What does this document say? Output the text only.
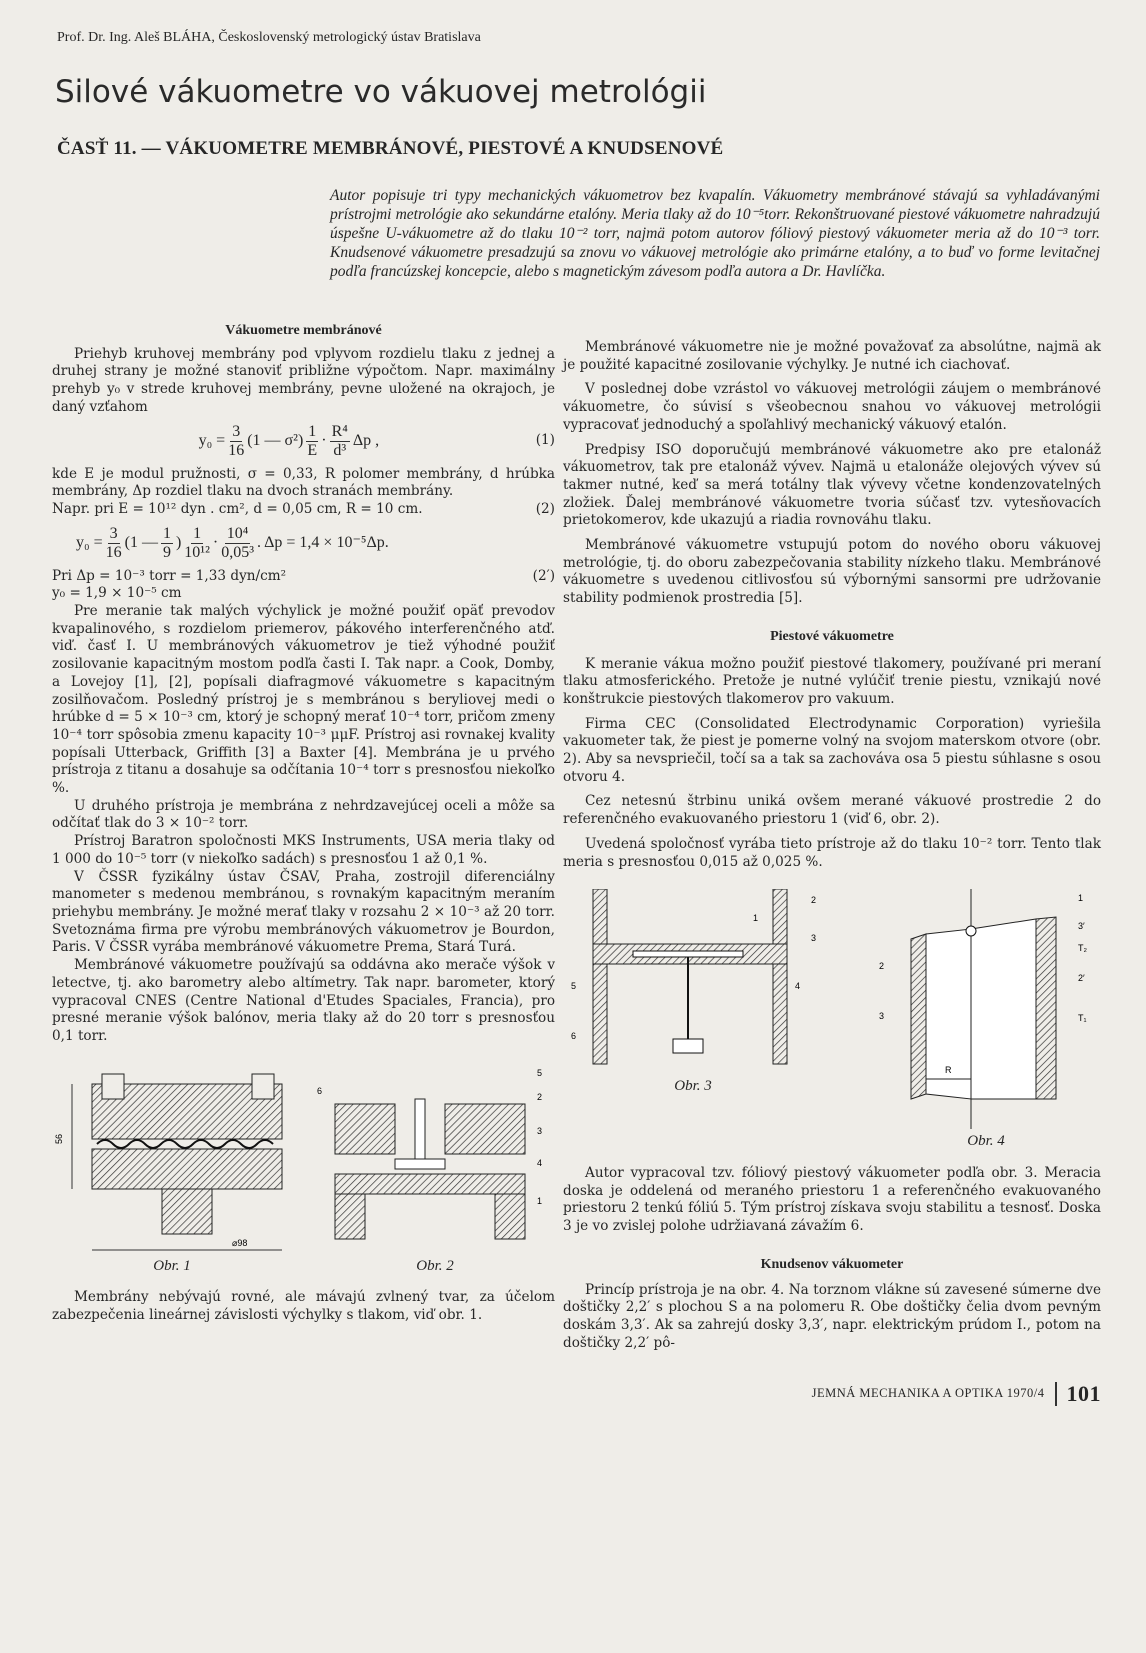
Prof. Dr. Ing. Aleš BLÁHA, Československý metrologický ústav Bratislava
Silové vákuometre vo vákuovej metrológii
ČASŤ 11. — VÁKUOMETRE MEMBRÁNOVÉ, PIESTOVÉ A KNUDSENOVÉ
Autor popisuje tri typy mechanických vákuometrov bez kvapalín. Vákuometry membránové stávajú sa vyhladávanými prístrojmi metrológie ako sekundárne etalóny. Meria tlaky až do 10⁻⁵torr. Rekonštruované piestové vákuometre nahradzujú úspešne U-vákuometre až do tlaku 10⁻² torr, najmä potom autorov fóliový piestový vákuometer meria až do 10⁻³ torr. Knudsenové vákuometre presadzujú sa znovu vo vákuovej metrológie ako primárne etalóny, a to buď vo forme levitačnej podľa francúzskej koncepcie, alebo s magnetickým závesom podľa autora a Dr. Havlíčka.
Vákuometre membránové

Priehyb kruhovej membrány pod vplyvom rozdielu tlaku z jednej a druhej strany je možné stanoviť približne výpočtom. Napr. maximálny prehyb y₀ v strede kruhovej membrány, pevne uložené na okrajoch, je daný vzťahom

$y_0 = \frac{3}{16} (1$ — $\sigma^2) \frac{1}{E} \cdot \frac{\text{R⁴}}{\text{d³}}$ Δp ,	(1)

kde E je modul pružnosti, σ = 0,33, R polomer membrány, d hrúbka membrány, Δp rozdiel tlaku na dvoch stranách membrány.

Napr. pri E = 10¹² dyn . cm², d = 0,05 cm, R = 10 cm.	(2)
$y_0 = \frac{3}{16} (1$ — $\frac{1}{9}$ ) $\frac{1}{\text{10¹²}} \cdot \frac{\text{10⁴}}{\text{0,05³}}$ . Δp = 1,4 × 10⁻⁵Δp.
Pri Δp = 10⁻³ torr = 1,33 dyn/cm²	(2′)
y₀ = 1,9 × 10⁻⁵ cm

Pre meranie tak malých výchylick je možné použiť opäť prevodov kvapalinového, s rozdielom priemerov, pákového interferenčného atď. viď. časť I. U membránových vákuometrov je tiež výhodné použiť zosilovanie kapacitným mostom podľa časti I. Tak napr. a Cook, Domby, a Lovejoy [1], [2], popísali diafragmové vákuometre s kapacitným zosilňovačom. Posledný prístroj je s membránou s beryliovej medi o hrúbke d = 5 × 10⁻³ cm, ktorý je schopný merať 10⁻⁴ torr, pričom zmeny 10⁻⁴ torr spôsobia zmenu kapacity 10⁻³ μμF. Prístroj asi rovnakej kvality popísali Utterback, Griffith [3] a Baxter [4]. Membrána je u prvého prístroja z titanu a dosahuje sa odčítania 10⁻⁴ torr s presnosťou niekoľko %.

U druhého prístroja je membrána z nehrdzavejúcej oceli a môže sa odčítať tlak do 3 × 10⁻² torr.

Prístroj Baratron spoločnosti MKS Instruments, USA meria tlaky od 1 000 do 10⁻⁵ torr (v niekoľko sadách) s presnosťou 1 až 0,1 %.

V ČSSR fyzikálny ústav ČSAV, Praha, zostrojil diferenciálny manometer s medenou membránou, s rovnakým kapacitným meraním priehybu membrány. Je možné merať tlaky v rozsahu 2 × 10⁻³ až 20 torr. Svetoznáma firma pre výrobu membránových vákuometrov je Bourdon, Paris. V ČSSR vyrába membránové vákuometre Prema, Stará Turá.

Membránové vákuometre používajú sa oddávna ako merače výšok v letectve, tj. ako barometry alebo altímetry. Tak napr. barometer, ktorý vypracoval CNES (Centre National d'Etudes Spaciales, Francia), pro presné meranie výšok balónov, meria tlaky až do 20 torr s presnosťou 0,1 torr.

56
⌀98
Obr. 1
5
6
2
3
4
1
Obr. 2

Membrány nebývajú rovné, ale mávajú zvlnený tvar, za účelom zabezpečenia lineárnej závislosti výchylky s tlakom, viď obr. 1.

Membránové vákuometre nie je možné považovať za absolútne, najmä ak je použité kapacitné zosilovanie výchylky. Je nutné ich ciachovať.

V poslednej dobe vzrástol vo vákuovej metrológii záujem o membránové vákuometre, čo súvisí s všeobecnou snahou vo vákuovej metrológii vypracovať jednoduchý a spoľahlivý mechanický vákuový etalón.

Predpisy ISO doporučujú membránové vákuometre ako pre etalonáž vákuometrov, tak pre etalonáž vývev. Najmä u etalonáže olejových vývev sú takmer nutné, keď sa merá totálny tlak vývevy včetne kondenzovatelných zložiek. Ďalej membránové vákuometre tvoria súčasť tzv. vytesňovacích prietokomerov, kde ukazujú a riadia rovnováhu tlaku.

Membránové vákuometre vstupujú potom do nového oboru vákuovej metrológie, tj. do oboru zabezpečovania stability nízkeho tlaku. Membránové vákuometre s uvedenou citlivosťou sú výbornými sansormi pre udržovanie stability podmienok prostredia [5].

Piestové vákuometre

K meranie vákua možno použiť piestové tlakomery, používané pri meraní tlaku atmosferického. Pretože je nutné vylúčiť trenie piestu, vznikajú nové konštrukcie piestových tlakomerov pro vakuum.

Firma CEC (Consolidated Electrodynamic Corporation) vyriešila vakuometer tak, že piest je pomerne volný na svojom materskom otvore (obr. 2). Aby sa nevspriečil, točí sa a tak sa zachováva osa 5 piestu súhlasne s osou otvoru 4.

Cez netesnú štrbinu uniká ovšem merané vákuové prostredie 2 do referenčného evakuovaného priestoru 1 (viď 6, obr. 2).

Uvedená spoločnosť vyrába tieto prístroje až do tlaku 10⁻² torr. Tento tlak meria s presnosťou 0,015 až 0,025 %.

2
1
3
4
5
6
Obr. 3
1
3′
T₂
2
2′
3	T₁
R
Obr. 4

Autor vypracoval tzv. fóliový piestový vákuometer podľa obr. 3. Meracia doska je oddelená od meraného priestoru 1 a referenčného evakuovaného priestoru 2 tenkú fóliú 5. Tým prístroj získava svoju stabilitu a tesnosť. Doska 3 je vo zvislej polohe udržiavaná závažím 6.

Knudsenov vákuometer

Princíp prístroja je na obr. 4. Na torznom vlákne sú zavesené súmerne dve doštičky 2,2′ s plochou S a na polomeru R. Obe doštičky čelia dvom pevným doskám 3,3′. Ak sa zahrejú dosky 3,3′, napr. elektrickým prúdom I., potom na doštičky 2,2′ pô-

JEMNÁ MECHANIKA A OPTIKA 1970/4	101
